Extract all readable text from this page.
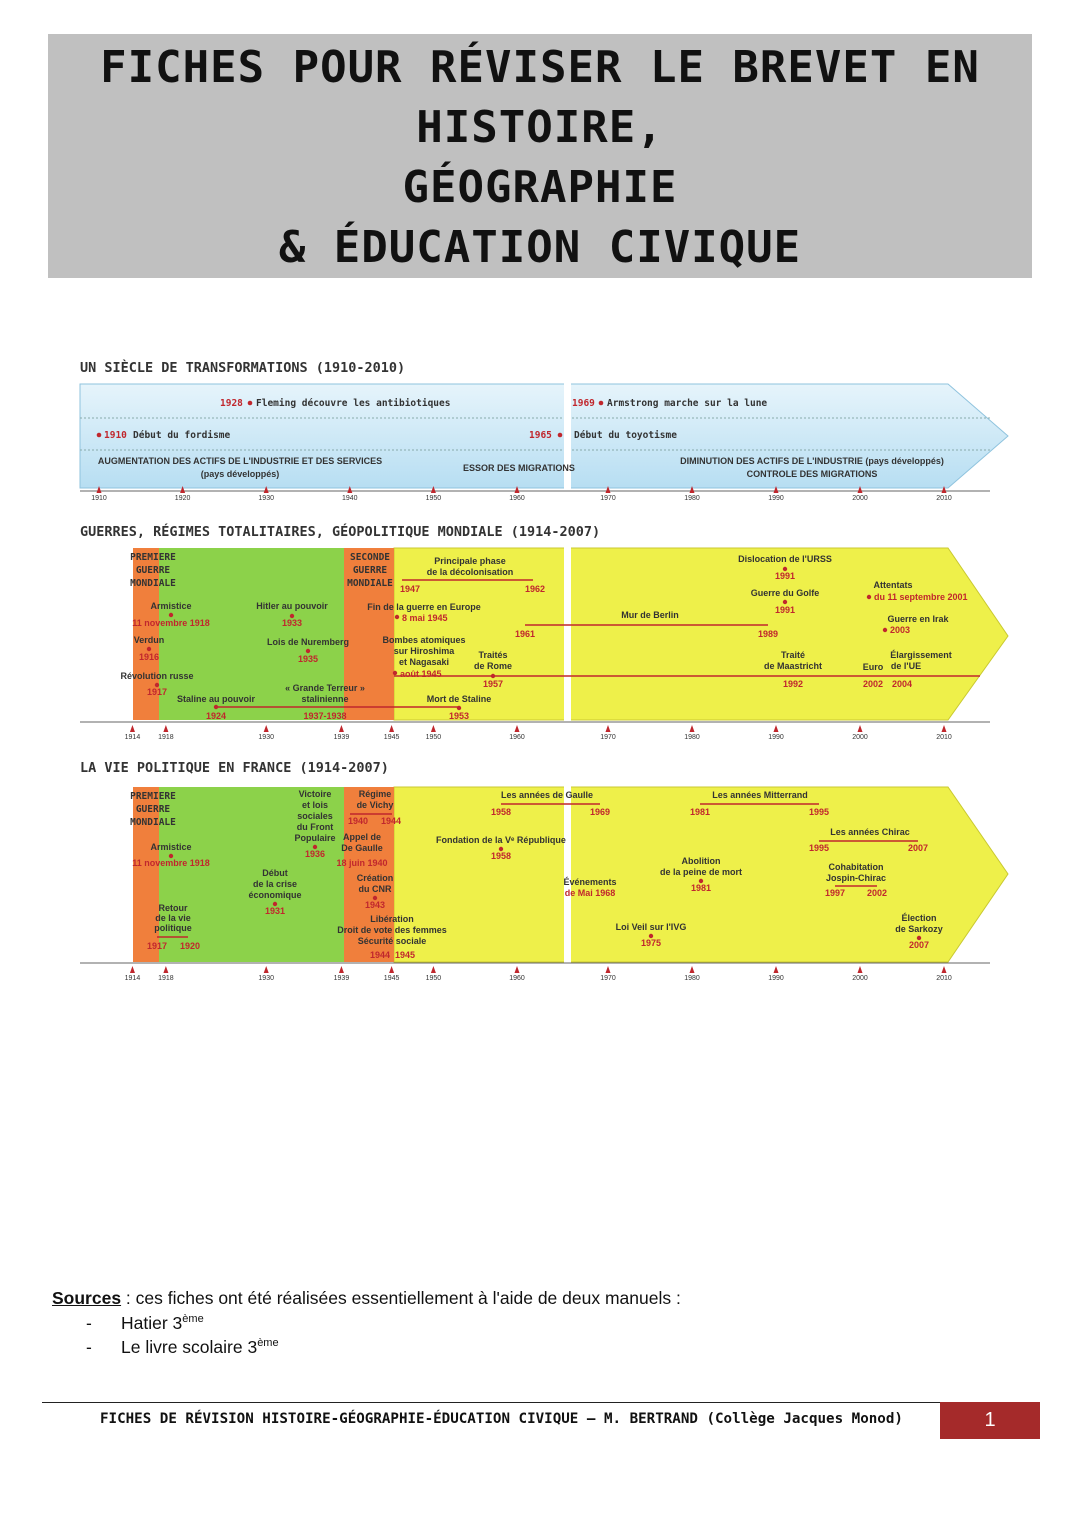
FICHES POUR RÉVISER LE BREVET EN
HISTOIRE,
GÉOGRAPHIE
& ÉDUCATION CIVIQUE
UN SIÈCLE DE TRANSFORMATIONS (1910-2010)
1928 Fleming découvre les antibiotiques	1969 Armstrong marche sur la lune
1910 Début du fordisme	1965 Début du toyotisme
AUGMENTATION DES ACTIFS DE L'INDUSTRIE ET DES SERVICES
(pays développés)
ESSOR DES MIGRATIONS
DIMINUTION DES ACTIFS DE L'INDUSTRIE (pays développés)
CONTROLE DES MIGRATIONS
1910	1920	1930	1940	1950	1960	1970	1980	1990	2000	2010
GUERRES, RÉGIMES TOTALITAIRES, GÉOPOLITIQUE MONDIALE (1914-2007)
PREMIERE
GUERRE
MONDIALE
SECONDE
GUERRE
MONDIALE
Armistice
11 novembre 1918
Verdun
1916
Révolution russe
1917
Hitler au pouvoir
1933
Lois de Nuremberg
1935
Staline au pouvoir
1924
« Grande Terreur »
stalinienne
1937-1938
Principale phase
de la décolonisation
1947	1962
Fin de la guerre en Europe
8 mai 1945
Bombes atomiques
sur Hiroshima
et Nagasaki
août 1945
Traités
de Rome
1957
Mort de Staline
1953
1961
Mur de Berlin
1989
Dislocation de l'URSS
1991
Guerre du Golfe
1991
Traité
de Maastricht
1992
Attentats
du 11 septembre 2001
Guerre en Irak
2003
Euro
2002
Élargissement
de l'UE
2004
1914	1918	1930	1939	1945	1950	1960	1970	1980	1990	2000	2010
LA VIE POLITIQUE EN FRANCE (1914-2007)
PREMIERE
GUERRE
MONDIALE
Armistice
11 novembre 1918
Retour
de la vie
politique
1917 1920
Début
de la crise
économique
1931
Victoire
et lois
sociales
du Front
Populaire
1936
Régime
de Vichy
1940 1944
Appel de
De Gaulle
18 juin 1940
Création
du CNR
1943
Libération
Droit de vote des femmes
Sécurité sociale
1944 1945
Les années de Gaulle
1958	1969
Fondation de la Vᵉ République
1958
Événements
de Mai 1968
Les années Mitterrand
1981	1995
Abolition
de la peine de mort
1981
Loi Veil sur l'IVG
1975
Les années Chirac
1995	2007
Cohabitation
Jospin-Chirac
1997 2002
Élection
de Sarkozy
2007
1914	1918	1930	1939	1945	1950	1960	1970	1980	1990	2000	2010
Sources : ces fiches ont été réalisées essentiellement à l'aide de deux manuels :
- Hatier 3ème
- Le livre scolaire 3ème
FICHES DE RÉVISION HISTOIRE-GÉOGRAPHIE-ÉDUCATION CIVIQUE – M. BERTRAND (Collège Jacques Monod)	1
